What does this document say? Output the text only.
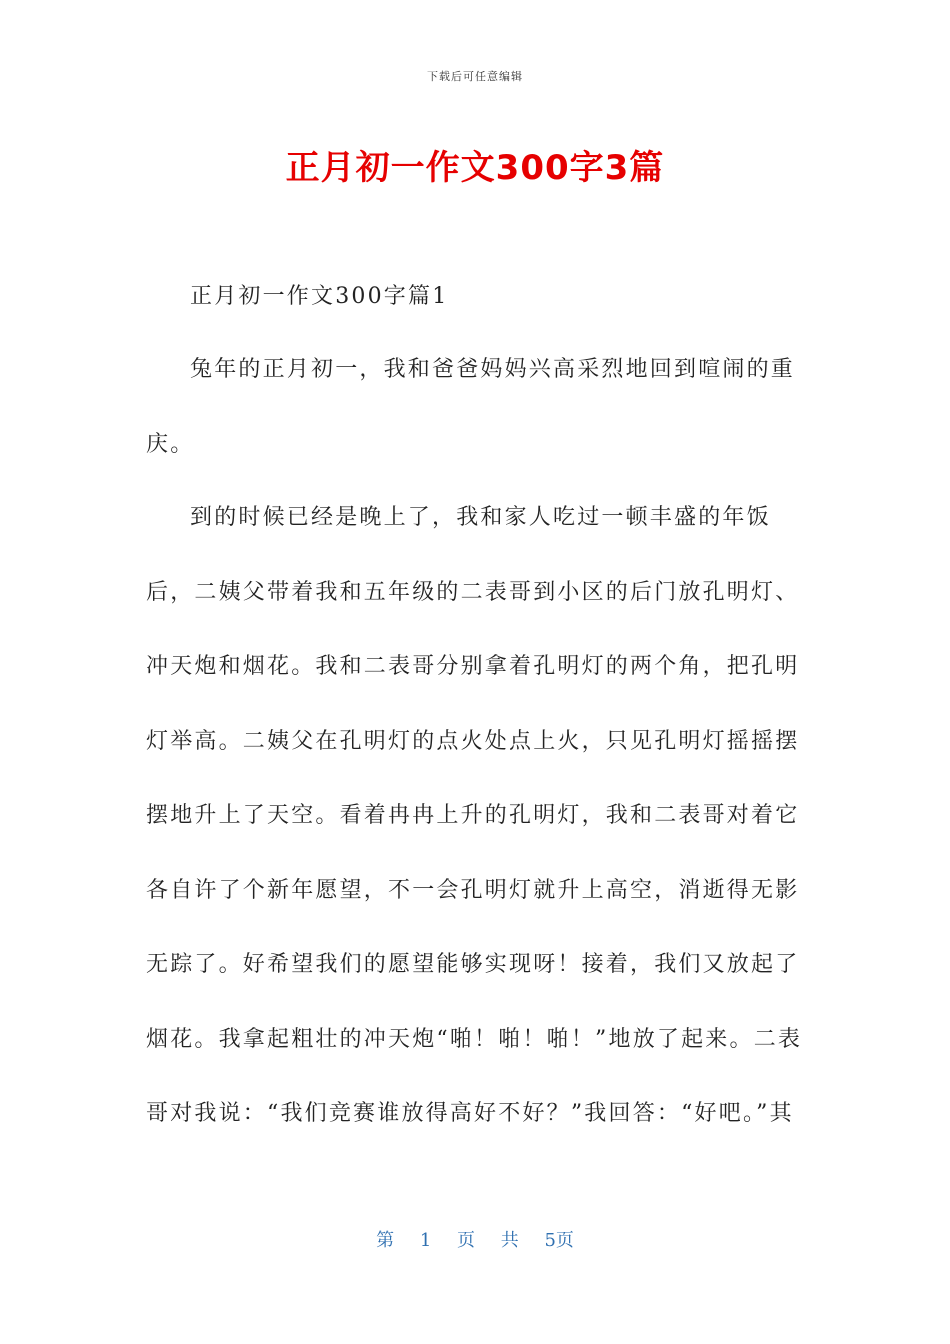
下载后可任意编辑
正月初一作文300字3篇

正月初一作文300字篇1

兔年的正月初一，我和爸爸妈妈兴高采烈地回到喧闹的重庆。

到的时候已经是晚上了，我和家人吃过一顿丰盛的年饭后，二姨父带着我和五年级的二表哥到小区的后门放孔明灯、冲天炮和烟花。我和二表哥分别拿着孔明灯的两个角，把孔明灯举高。二姨父在孔明灯的点火处点上火，只见孔明灯摇摇摆摆地升上了天空。看着冉冉上升的孔明灯，我和二表哥对着它各自许了个新年愿望，不一会孔明灯就升上高空，消逝得无影无踪了。好希望我们的愿望能够实现呀！接着，我们又放起了烟花。我拿起粗壮的冲天炮“啪！啪！啪！”地放了起来。二表哥对我说：“我们竞赛谁放得高好不好？”我回答：“好吧。”其

第 1 页 共 5页
